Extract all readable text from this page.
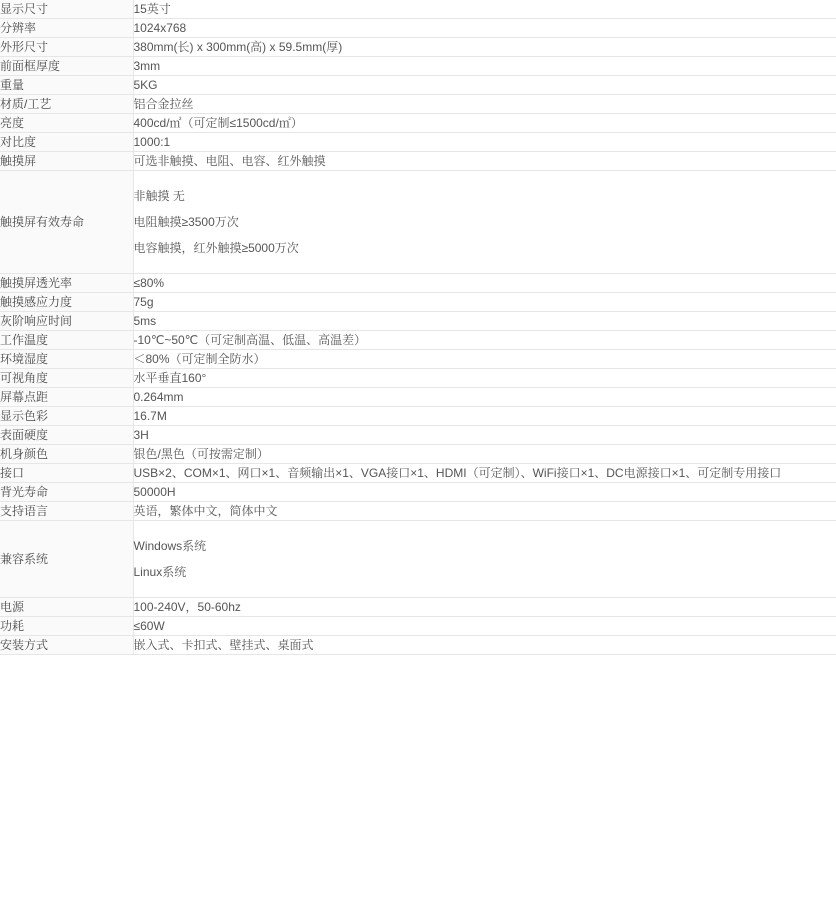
显示尺寸	15英寸

分辨率	1024x768

外形尺寸	380mm(长) x 300mm(高) x 59.5mm(厚)

前面框厚度	3mm

重量	5KG

材质/工艺	铝合金拉丝

亮度	400cd/㎡（可定制≤1500cd/㎡）

对比度	1000:1

触摸屏	可选非触摸、电阻、电容、红外触摸

触摸屏有效寿命	非触摸 无
电阻触摸≥3500万次
电容触摸，红外触摸≥5000万次

触摸屏透光率	≤80%

触摸感应力度	75g

灰阶响应时间	5ms

工作温度	-10℃~50℃（可定制高温、低温、高温差）

环境湿度	＜80%（可定制全防水）

可视角度	水平垂直160°

屏幕点距	0.264mm

显示色彩	16.7M

表面硬度	3H

机身颜色	银色/黑色（可按需定制）

接口	USB×2、COM×1、网口×1、音频输出×1、VGA接口×1、HDMI（可定制）、WiFi接口×1、DC电源接口×1、可定制专用接口

背光寿命	50000H

支持语言	英语，繁体中文，简体中文

兼容系统	Windows系统
Linux系统

电源	100-240V，50-60hz

功耗	≤60W

安装方式	嵌入式、卡扣式、壁挂式、桌面式
